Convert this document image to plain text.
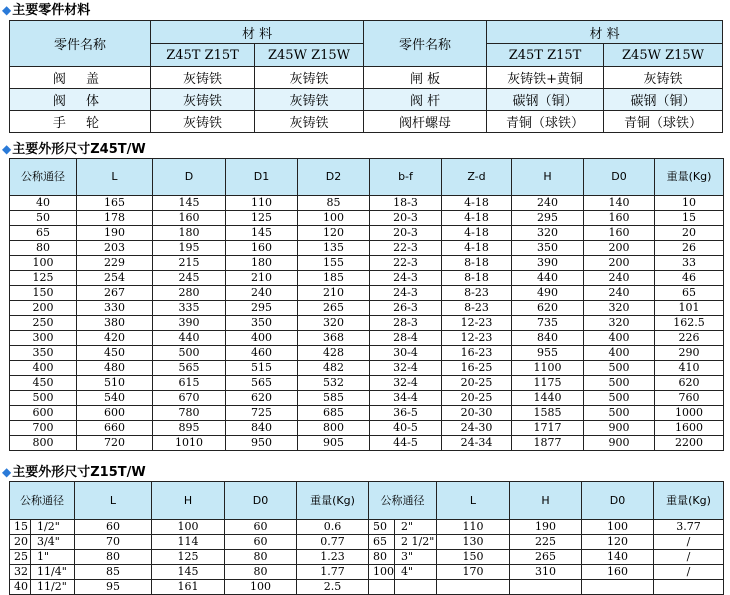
◆主要零件材料
零件名称	材 料		零件名称	材 料	
	Z45T Z15T	Z45W Z15W		Z45T Z15T	Z45W Z15W
阀 盖	灰铸铁	灰铸铁	闸 板	灰铸铁+黄铜	灰铸铁
阀 体	灰铸铁	灰铸铁	阀 杆	碳钢（铜）	碳钢（铜）
手 轮	灰铸铁	灰铸铁	阀杆螺母	青铜（球铁）	青铜（球铁）
◆主要外形尺寸Z45T/W
公称通径	L	D	D1	D2	b-f	Z-d	H	D0	重量(Kg)
40	165	145	110	85	18-3	4-18	240	140	10
50	178	160	125	100	20-3	4-18	295	160	15
65	190	180	145	120	20-3	4-18	320	160	20
80	203	195	160	135	22-3	4-18	350	200	26
100	229	215	180	155	22-3	8-18	390	200	33
125	254	245	210	185	24-3	8-18	440	240	46
150	267	280	240	210	24-3	8-23	490	240	65
200	330	335	295	265	26-3	8-23	620	320	101
250	380	390	350	320	28-3	12-23	735	320	162.5
300	420	440	400	368	28-4	12-23	840	400	226
350	450	500	460	428	30-4	16-23	955	400	290
400	480	565	515	482	32-4	16-25	1100	500	410
450	510	615	565	532	32-4	20-25	1175	500	620
500	540	670	620	585	34-4	20-25	1440	500	760
600	600	780	725	685	36-5	20-30	1585	500	1000
700	660	895	840	800	40-5	24-30	1717	900	1600
800	720	1010	950	905	44-5	24-34	1877	900	2200
◆主要外形尺寸Z15T/W
公称通径		L	H	D0	重量(Kg)	公称通径		L	H	D0	重量(Kg)
15	1/2"	60	100	60	0.6	50	2"	110	190	100	3.77
20	3/4"	70	114	60	0.77	65	2 1/2"	130	225	120	/
25	1"	80	125	80	1.23	80	3"	150	265	140	/
32	11/4"	85	145	80	1.77	100	4"	170	310	160	/
40	11/2"	95	161	100	2.5						
